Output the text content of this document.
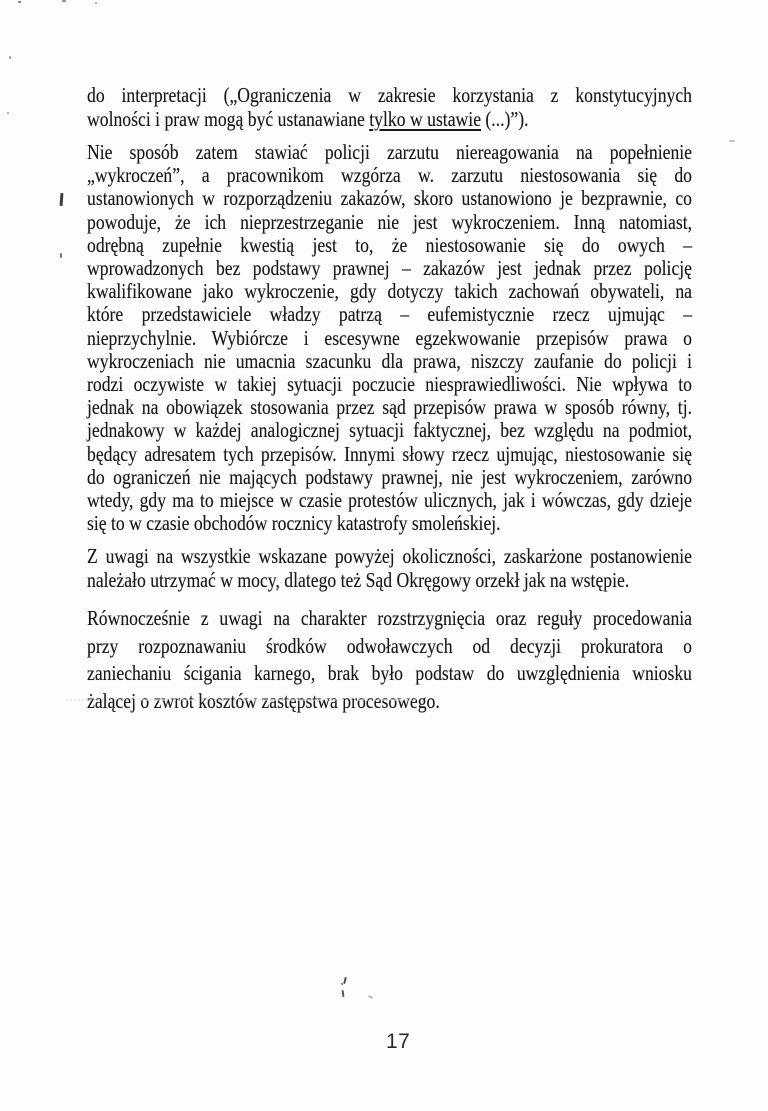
do interpretacji („Ograniczenia w zakresie korzystania z konstytucyjnych
wolności i praw mogą być ustanawiane tylko w ustawie (...)”).
Nie sposób zatem stawiać policji zarzutu niereagowania na popełnienie
„wykroczeń”, a pracownikom wzgórza w. zarzutu niestosowania się do
ustanowionych w rozporządzeniu zakazów, skoro ustanowiono je bezprawnie, co
powoduje, że ich nieprzestrzeganie nie jest wykroczeniem. Inną natomiast,
odrębną zupełnie kwestią jest to, że niestosowanie się do owych –
wprowadzonych bez podstawy prawnej – zakazów jest jednak przez policję
kwalifikowane jako wykroczenie, gdy dotyczy takich zachowań obywateli, na
które przedstawiciele władzy patrzą – eufemistycznie rzecz ujmując –
nieprzychylnie. Wybiórcze i escesywne egzekwowanie przepisów prawa o
wykroczeniach nie umacnia szacunku dla prawa, niszczy zaufanie do policji i
rodzi oczywiste w takiej sytuacji poczucie niesprawiedliwości. Nie wpływa to
jednak na obowiązek stosowania przez sąd przepisów prawa w sposób równy, tj.
jednakowy w każdej analogicznej sytuacji faktycznej, bez względu na podmiot,
będący adresatem tych przepisów. Innymi słowy rzecz ujmując, niestosowanie się
do ograniczeń nie mających podstawy prawnej, nie jest wykroczeniem, zarówno
wtedy, gdy ma to miejsce w czasie protestów ulicznych, jak i wówczas, gdy dzieje
się to w czasie obchodów rocznicy katastrofy smoleńskiej.
Z uwagi na wszystkie wskazane powyżej okoliczności, zaskarżone postanowienie
należało utrzymać w mocy, dlatego też Sąd Okręgowy orzekł jak na wstępie.
Równocześnie z uwagi na charakter rozstrzygnięcia oraz reguły procedowania
przy rozpoznawaniu środków odwoławczych od decyzji prokuratora o
zaniechaniu ścigania karnego, brak było podstaw do uwzględnienia wniosku
żalącej o zwrot kosztów zastępstwa procesowego.
17
